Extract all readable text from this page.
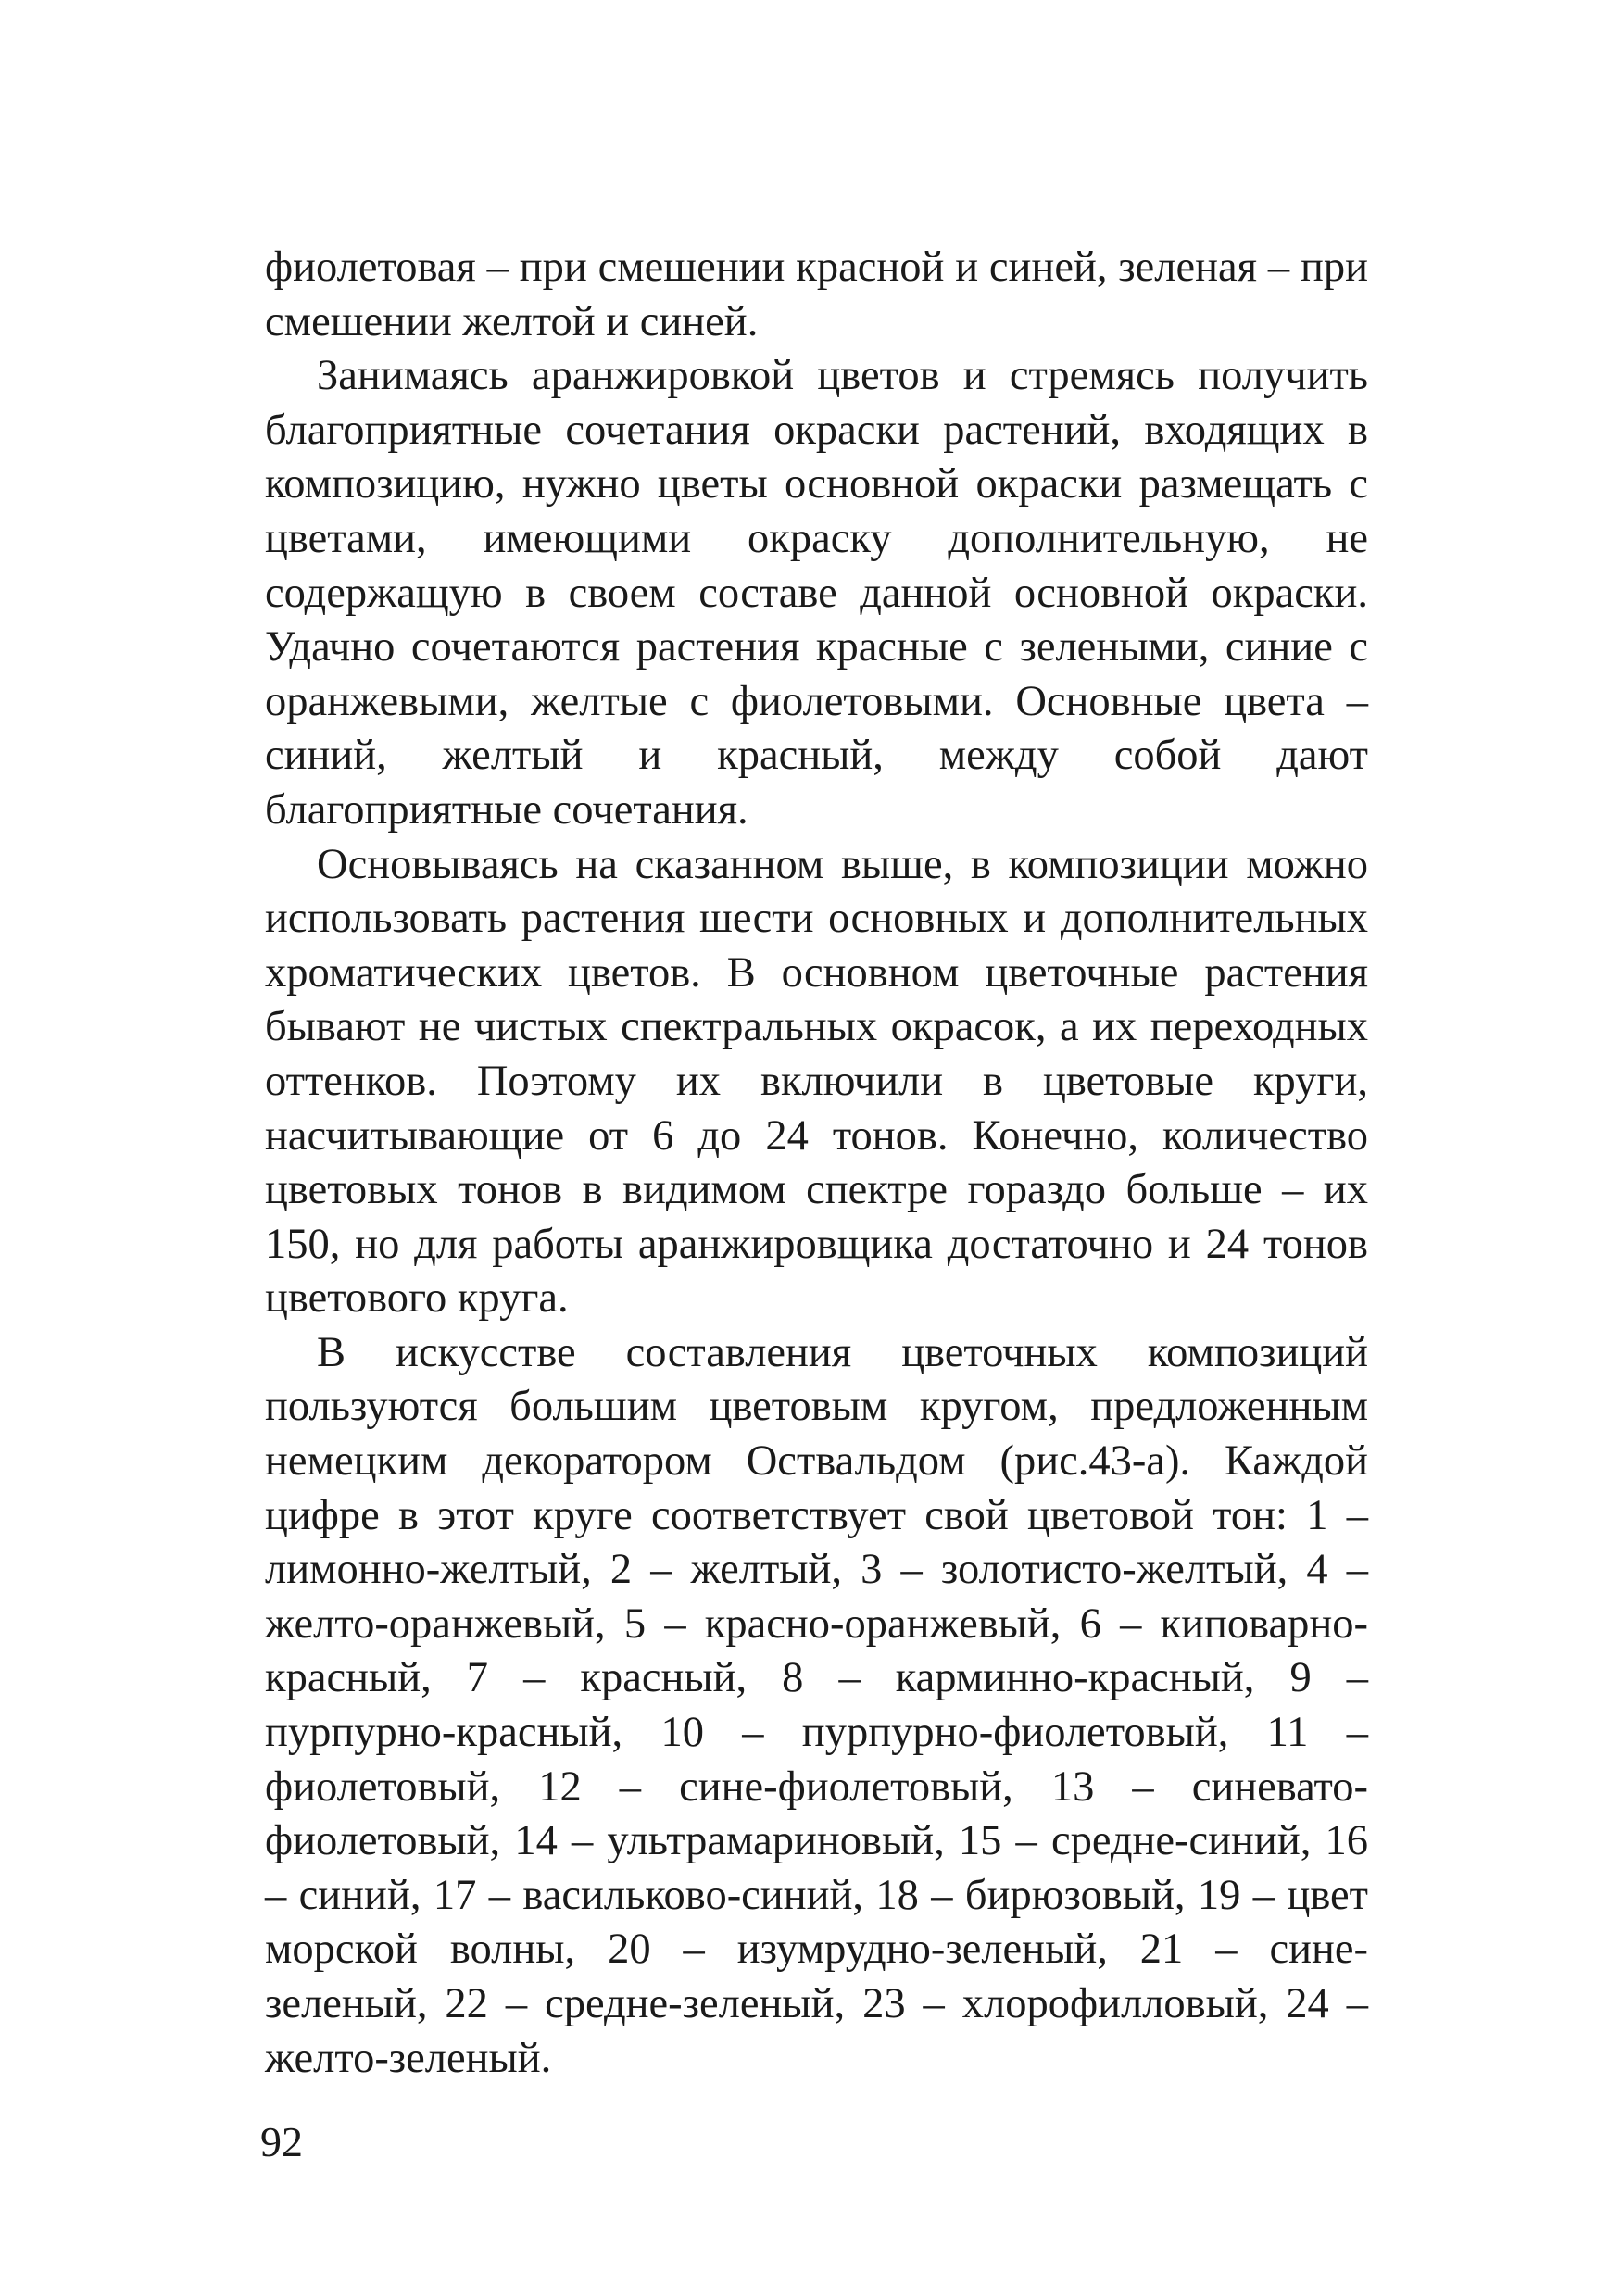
фиолетовая – при смешении красной и синей, зеленая – при смешении желтой и синей.

Занимаясь аранжировкой цветов и стремясь получить благоприятные сочетания окраски растений, входящих в композицию, нужно цветы основной окраски размещать с цветами, имеющими окраску дополнительную, не содержащую в своем составе данной основной окраски. Удачно сочетаются растения красные с зелеными, синие с оранжевыми, желтые с фиолетовыми. Основные цвета – синий, желтый и красный, между собой дают благоприятные сочетания.

Основываясь на сказанном выше, в композиции можно использовать растения шести основных и дополнительных хроматических цветов. В основном цветочные растения бывают не чистых спектральных окрасок, а их переходных оттенков. Поэтому их включили в цветовые круги, насчитывающие от 6 до 24 тонов. Конечно, количество цветовых тонов в видимом спектре гораздо больше – их 150, но для работы аранжировщика достаточно и 24 тонов цветового круга.

В искусстве составления цветочных композиций пользуются большим цветовым кругом, предложенным немецким декоратором Оствальдом (рис.43-а). Каждой цифре в этот круге соответствует свой цветовой тон: 1 – лимонно-желтый, 2 – желтый, 3 – золотисто-желтый, 4 – желто-оранжевый, 5 – красно-оранжевый, 6 – киповарно-красный, 7 – красный, 8 – карминно-красный, 9 – пурпурно-красный, 10 – пурпурно-фиолетовый, 11 – фиолетовый, 12 – сине-фиолетовый, 13 – синевато-фиолетовый, 14 – ультрамариновый, 15 – средне-синий, 16 – синий, 17 – васильково-синий, 18 – бирюзовый, 19 – цвет морской волны, 20 – изумрудно-зеленый, 21 – сине-зеленый, 22 – средне-зеленый, 23 – хлорофилловый, 24 – желто-зеленый.

92
